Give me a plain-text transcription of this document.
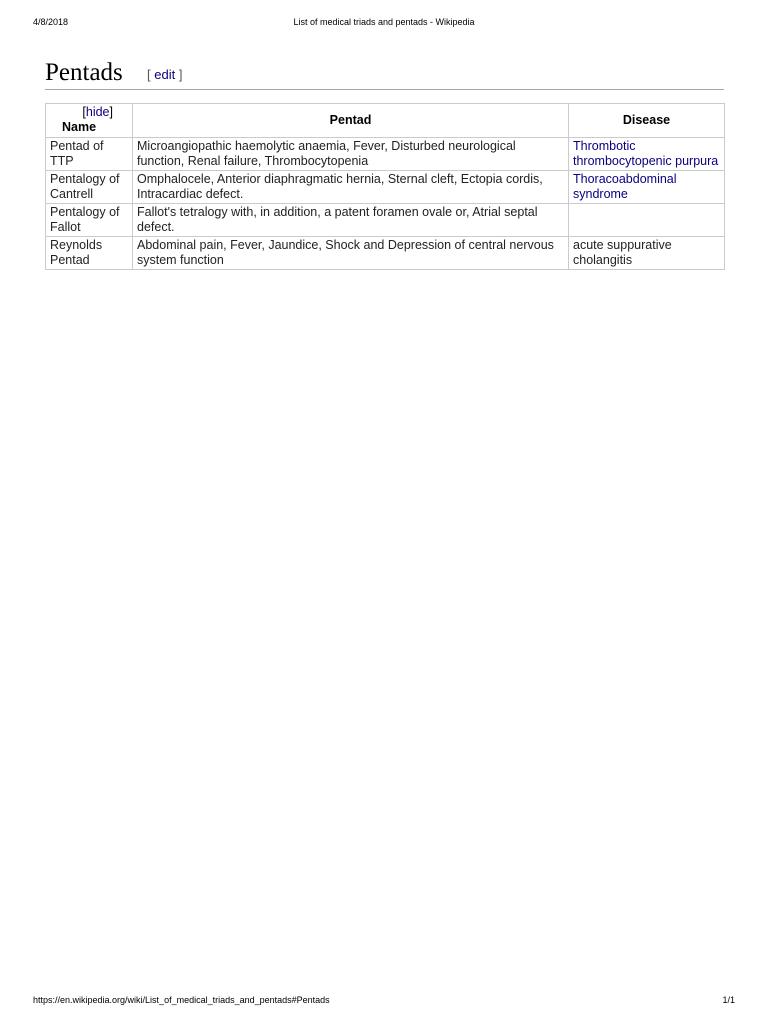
4/8/2018	List of medical triads and pentads - Wikipedia
Pentads [ edit ]
[hide]
Name	Pentad	Disease
Pentad of TTP	Microangiopathic haemolytic anaemia, Fever, Disturbed neurological function, Renal failure, Thrombocytopenia	Thrombotic thrombocytopenic purpura
Pentalogy of Cantrell	Omphalocele, Anterior diaphragmatic hernia, Sternal cleft, Ectopia cordis, Intracardiac defect.	Thoracoabdominal syndrome
Pentalogy of Fallot	Fallot's tetralogy with, in addition, a patent foramen ovale or, Atrial septal defect.	
Reynolds Pentad	Abdominal pain, Fever, Jaundice, Shock and Depression of central nervous system function	acute suppurative cholangitis
https://en.wikipedia.org/wiki/List_of_medical_triads_and_pentads#Pentads	1/1
